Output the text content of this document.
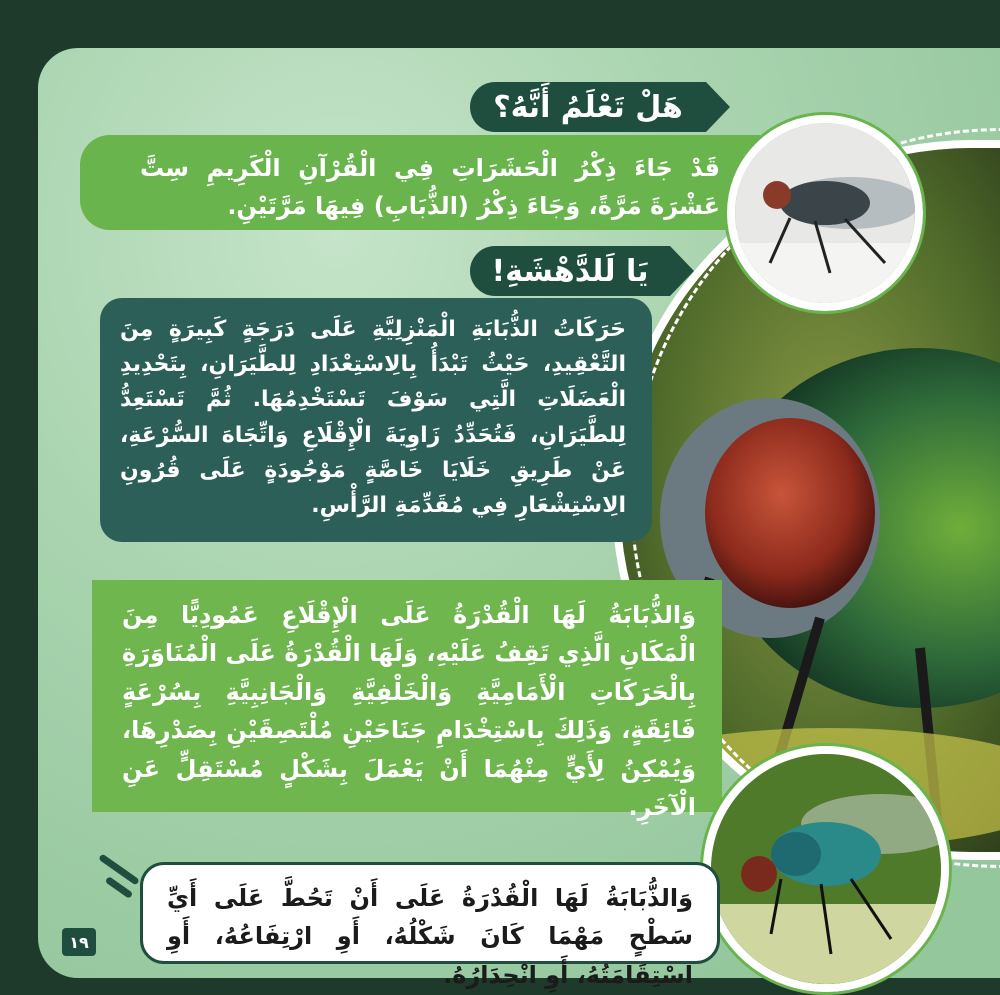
هَلْ تَعْلَمُ أَنَّهُ؟
قَدْ جَاءَ ذِكْرُ الْحَشَرَاتِ فِي الْقُرْآنِ الْكَرِيمِ سِتَّ عَشْرَةَ مَرَّةً، وَجَاءَ ذِكْرُ (الذُّبَابِ) فِيهَا مَرَّتَيْنِ.
يَا لَلدَّهْشَةِ!
حَرَكَاتُ الذُّبَابَةِ الْمَنْزِلِيَّةِ عَلَى دَرَجَةٍ كَبِيرَةٍ مِنَ التَّعْقِيدِ، حَيْثُ تَبْدَأُ بِالِاسْتِعْدَادِ لِلطَّيَرَانِ، بِتَحْدِيدِ الْعَضَلَاتِ الَّتِي سَوْفَ تَسْتَخْدِمُهَا. ثُمَّ تَسْتَعِدُّ لِلطَّيَرَانِ، فَتُحَدِّدُ زَاوِيَةَ الْإِقْلَاعِ وَاتِّجَاهَ السُّرْعَةِ، عَنْ طَرِيقِ خَلَايَا خَاصَّةٍ مَوْجُودَةٍ عَلَى قُرُونِ الِاسْتِشْعَارِ فِي مُقَدِّمَةِ الرَّأْسِ.
وَالذُّبَابَةُ لَهَا الْقُدْرَةُ عَلَى الْإِقْلَاعِ عَمُودِيًّا مِنَ الْمَكَانِ الَّذِي تَقِفُ عَلَيْهِ، وَلَهَا الْقُدْرَةُ عَلَى الْمُنَاوَرَةِ بِالْحَرَكَاتِ الْأَمَامِيَّةِ وَالْخَلْفِيَّةِ وَالْجَانِبِيَّةِ بِسُرْعَةٍ فَائِقَةٍ، وَذَلِكَ بِاسْتِخْدَامِ جَنَاحَيْنِ مُلْتَصِقَيْنِ بِصَدْرِهَا، وَيُمْكِنُ لِأَيٍّ مِنْهُمَا أَنْ يَعْمَلَ بِشَكْلٍ مُسْتَقِلٍّ عَنِ الْآخَرِ.
وَالذُّبَابَةُ لَهَا الْقُدْرَةُ عَلَى أَنْ تَحُطَّ عَلَى أَيِّ سَطْحٍ مَهْمَا كَانَ شَكْلُهُ، أَوِ ارْتِفَاعُهُ، أَوِ اسْتِقَامَتُهُ، أَوِ انْحِدَارُهُ.
١٩
